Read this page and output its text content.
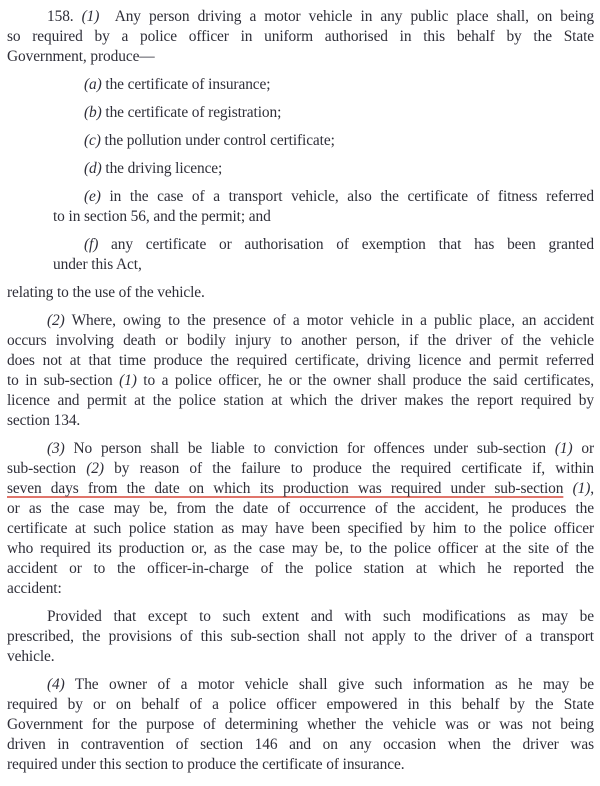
158. (1)  Any person driving a motor vehicle in any public place shall, on being
so required by a police officer in uniform authorised in this behalf by the State
Government, produce—
(a) the certificate of insurance;
(b) the certificate of registration;
(c) the pollution under control certificate;
(d) the driving licence;
(e) in the case of a transport vehicle, also the certificate of fitness referred
to in section 56, and the permit; and
(f) any certificate or authorisation of exemption that has been granted
under this Act,
relating to the use of the vehicle.
(2) Where, owing to the presence of a motor vehicle in a public place, an accident
occurs involving death or bodily injury to another person, if the driver of the vehicle
does not at that time produce the required certificate, driving licence and permit referred
to in sub-section (1) to a police officer, he or the owner shall produce the said certificates,
licence and permit at the police station at which the driver makes the report required by
section 134.
(3) No person shall be liable to conviction for offences under sub-section (1) or
sub-section (2) by reason of the failure to produce the required certificate if, within
seven days from the date on which its production was required under sub-section (1),
or as the case may be, from the date of occurrence of the accident, he produces the
certificate at such police station as may have been specified by him to the police officer
who required its production or, as the case may be, to the police officer at the site of the
accident or to the officer-in-charge of the police station at which he reported the
accident:
Provided that except to such extent and with such modifications as may be
prescribed, the provisions of this sub-section shall not apply to the driver of a transport
vehicle.
(4) The owner of a motor vehicle shall give such information as he may be
required by or on behalf of a police officer empowered in this behalf by the State
Government for the purpose of determining whether the vehicle was or was not being
driven in contravention of section 146 and on any occasion when the driver was
required under this section to produce the certificate of insurance.
